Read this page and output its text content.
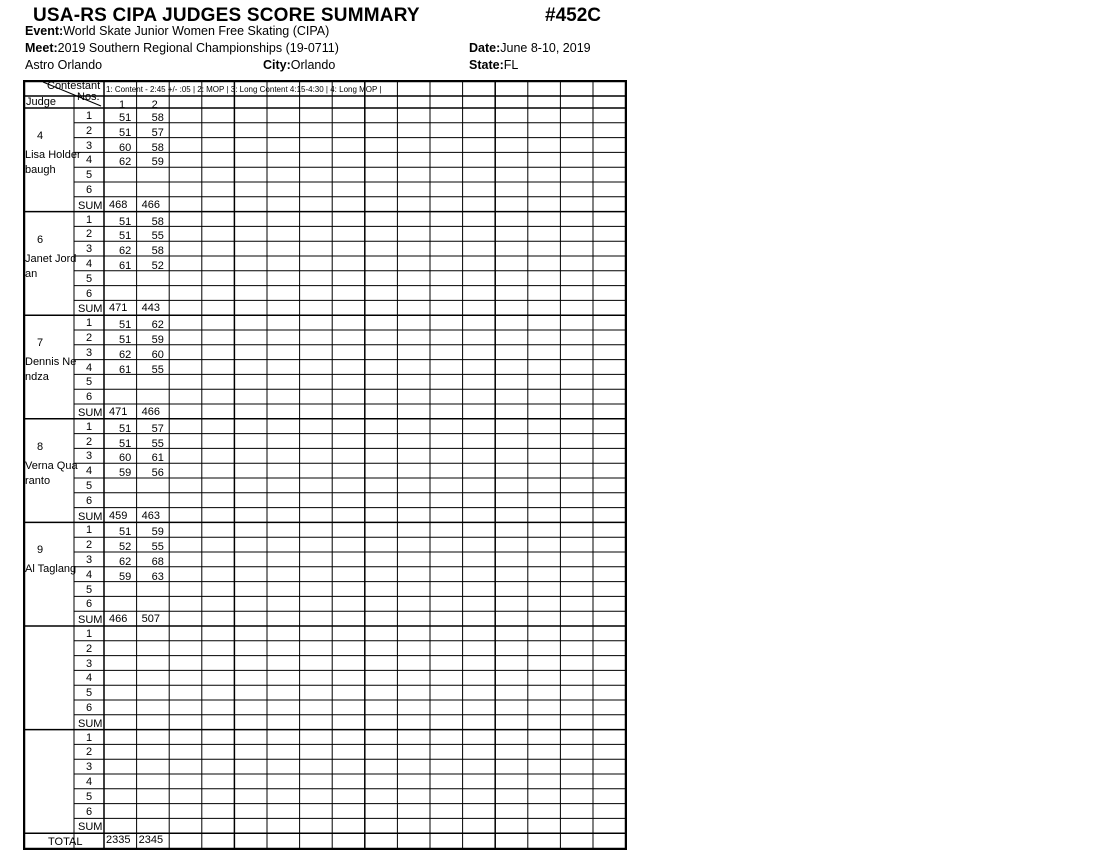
USA-RS CIPA JUDGES SCORE SUMMARY	#452C
Event:World Skate Junior Women Free Skating (CIPA)
Meet:2019 Southern Regional Championships (19-0711)	Date:June 8-10, 2019
Astro Orlando	City:Orlando	State:FL
Contestant
Nos.
Judge
1: Content - 2:45 +/- :05 | 2: MOP | 3: Long Content 4:15-4:30 | 4: Long MOP |
1 2
4
Lisa Holderbaugh
1 51 58
2 51 57
3 60 58
4 62 59
5
6
SUM 468 466
6
Janet Jordan
1 51 58
2 51 55
3 62 58
4 61 52
5
6
SUM 471 443
7
Dennis Nendza
1 51 62
2 51 59
3 62 60
4 61 55
5
6
SUM 471 466
8
Verna Quaranto
1 51 57
2 51 55
3 60 61
4 59 56
5
6
SUM 459 463
9
Al Taglang
1 51 59
2 52 55
3 62 68
4 59 63
5
6
SUM 466 507
1
2
3
4
5
6
SUM
1
2
3
4
5
6
SUM
TOTAL 2335 2345
